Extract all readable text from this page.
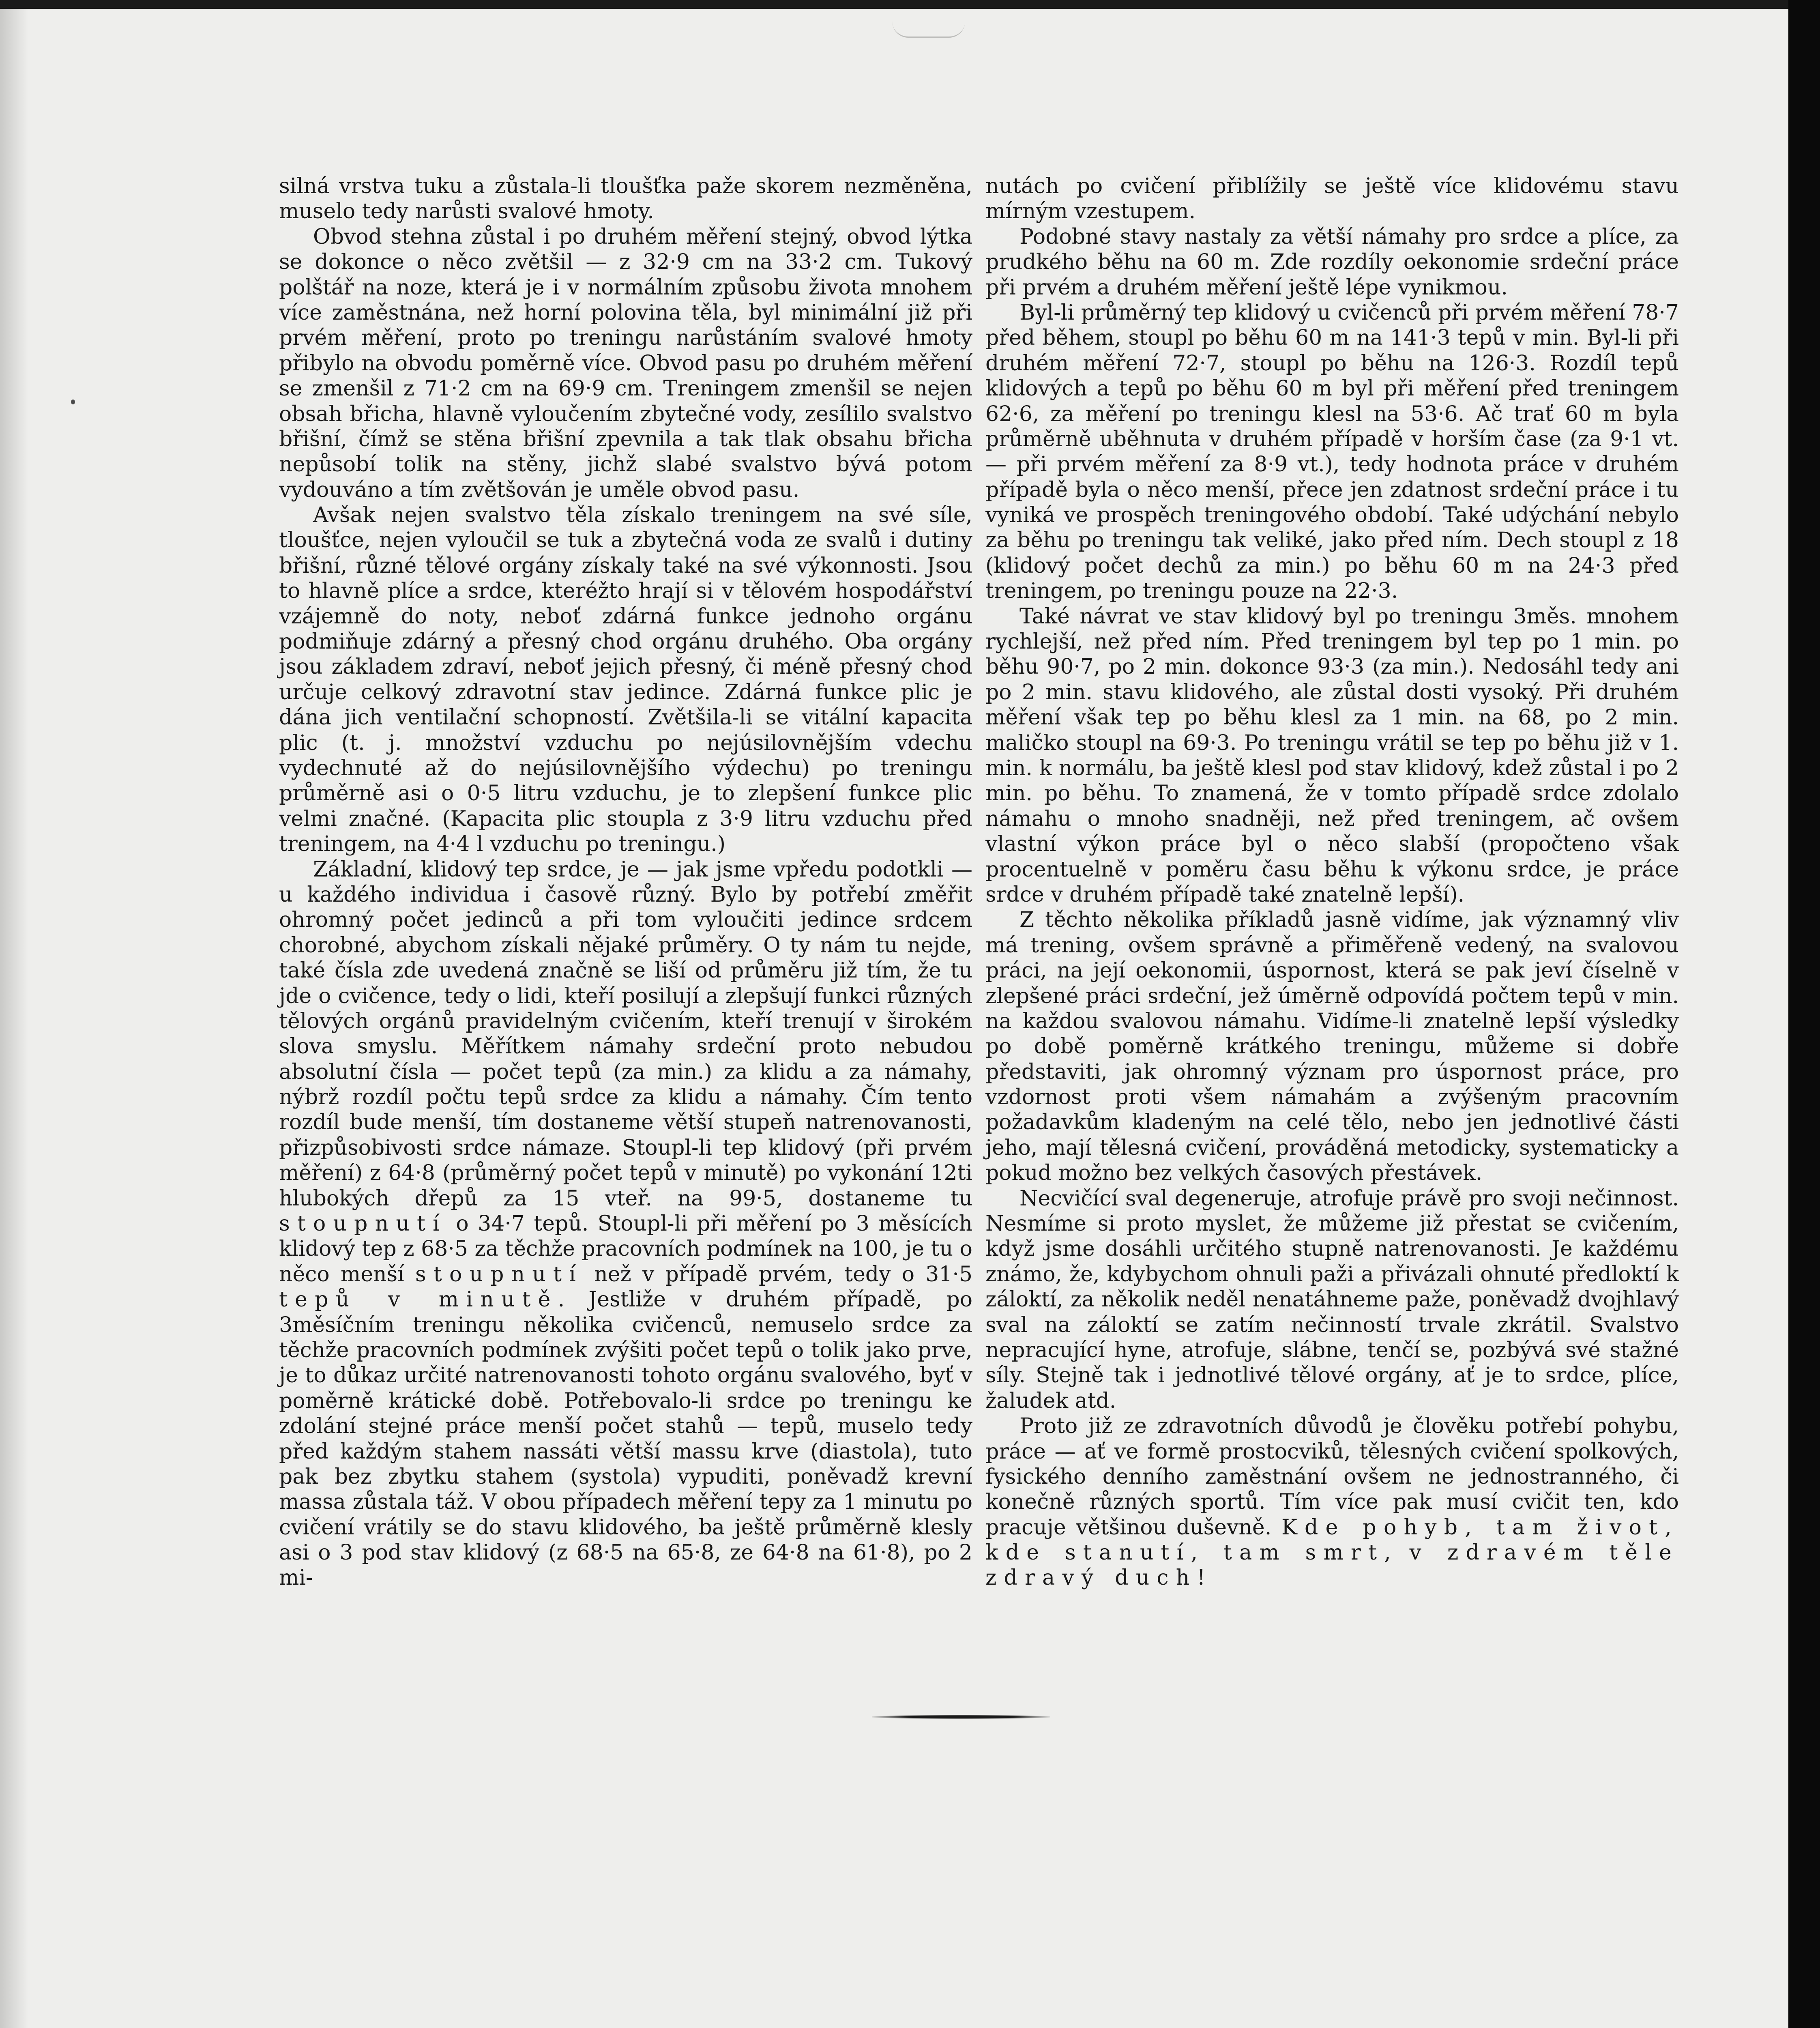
silná vrstva tuku a zůstala-li tloušťka paže skorem nezměněna, muselo tedy narůsti svalové hmoty.

Obvod stehna zůstal i po druhém měření stejný, obvod lýtka se dokonce o něco zvětšil — z 32·9 cm na 33·2 cm. Tukový polštář na noze, která je i v normálním způsobu života mnohem více zaměstnána, než horní polovina těla, byl minimální již při prvém měření, proto po treningu narůstáním svalové hmoty přibylo na obvodu poměrně více. Obvod pasu po druhém měření se zmenšil z 71·2 cm na 69·9 cm. Treningem zmenšil se nejen obsah břicha, hlavně vyloučením zbytečné vody, zesílilo svalstvo břišní, čímž se stěna břišní zpevnila a tak tlak obsahu břicha nepůsobí tolik na stěny, jichž slabé svalstvo bývá potom vydouváno a tím zvětšován je uměle obvod pasu.

Avšak nejen svalstvo těla získalo treningem na své síle, tloušťce, nejen vyloučil se tuk a zbytečná voda ze svalů i dutiny břišní, různé tělové orgány získaly také na své výkonnosti. Jsou to hlavně plíce a srdce, kteréžto hrají si v tělovém hospodářství vzájemně do noty, neboť zdárná funkce jednoho orgánu podmiňuje zdárný a přesný chod orgánu druhého. Oba orgány jsou základem zdraví, neboť jejich přesný, či méně přesný chod určuje celkový zdravotní stav jedince. Zdárná funkce plic je dána jich ventilační schopností. Zvětšila-li se vitální kapacita plic (t. j. množství vzduchu po nejúsilovnějším vdechu vydechnuté až do nejúsilovnějšího výdechu) po treningu průměrně asi o 0·5 litru vzduchu, je to zlepšení funkce plic velmi značné. (Kapacita plic stoupla z 3·9 litru vzduchu před treningem, na 4·4 l vzduchu po treningu.)

Základní, klidový tep srdce, je — jak jsme vpředu podotkli — u každého individua i časově různý. Bylo by potřebí změřit ohromný počet jedinců a při tom vyloučiti jedince srdcem chorobné, abychom získali nějaké průměry. O ty nám tu nejde, také čísla zde uvedená značně se liší od průměru již tím, že tu jde o cvičence, tedy o lidi, kteří posilují a zlepšují funkci různých tělových orgánů pravidelným cvičením, kteří trenují v širokém slova smyslu. Měřítkem námahy srdeční proto nebudou absolutní čísla — počet tepů (za min.) za klidu a za námahy, nýbrž rozdíl počtu tepů srdce za klidu a námahy. Čím tento rozdíl bude menší, tím dostaneme větší stupeň natrenovanosti, přizpůsobivosti srdce námaze. Stoupl-li tep klidový (při prvém měření) z 64·8 (průměrný počet tepů v minutě) po vykonání 12ti hlubokých dřepů za 15 vteř. na 99·5, dostaneme tu stoupnutí o 34·7 tepů. Stoupl-li při měření po 3 měsících klidový tep z 68·5 za těchže pracovních podmínek na 100, je tu o něco menší stoupnutí než v případě prvém, tedy o 31·5 tepů v minutě. Jestliže v druhém případě, po 3měsíčním treningu několika cvičenců, nemuselo srdce za těchže pracovních podmínek zvýšiti počet tepů o tolik jako prve, je to důkaz určité natrenovanosti tohoto orgánu svalového, byť v poměrně krátické době. Potřebovalo-li srdce po treningu ke zdolání stejné práce menší počet stahů — tepů, muselo tedy před každým stahem nassáti větší massu krve (diastola), tuto pak bez zbytku stahem (systola) vypuditi, poněvadž krevní massa zůstala táž. V obou případech měření tepy za 1 minutu po cvičení vrátily se do stavu klidového, ba ještě průměrně klesly asi o 3 pod stav klidový (z 68·5 na 65·8, ze 64·8 na 61·8), po 2 mi-

nutách po cvičení přiblížily se ještě více klidovému stavu mírným vzestupem.

Podobné stavy nastaly za větší námahy pro srdce a plíce, za prudkého běhu na 60 m. Zde rozdíly oekonomie srdeční práce při prvém a druhém měření ještě lépe vynikmou.

Byl-li průměrný tep klidový u cvičenců při prvém měření 78·7 před během, stoupl po běhu 60 m na 141·3 tepů v min. Byl-li při druhém měření 72·7, stoupl po běhu na 126·3. Rozdíl tepů klidových a tepů po běhu 60 m byl při měření před treningem 62·6, za měření po treningu klesl na 53·6. Ač trať 60 m byla průměrně uběhnuta v druhém případě v horším čase (za 9·1 vt. — při prvém měření za 8·9 vt.), tedy hodnota práce v druhém případě byla o něco menší, přece jen zdatnost srdeční práce i tu vyniká ve prospěch treningového období. Také udýchání nebylo za běhu po treningu tak veliké, jako před ním. Dech stoupl z 18 (klidový počet dechů za min.) po běhu 60 m na 24·3 před treningem, po treningu pouze na 22·3.

Také návrat ve stav klidový byl po treningu 3měs. mnohem rychlejší, než před ním. Před treningem byl tep po 1 min. po běhu 90·7, po 2 min. dokonce 93·3 (za min.). Nedosáhl tedy ani po 2 min. stavu klidového, ale zůstal dosti vysoký. Při druhém měření však tep po běhu klesl za 1 min. na 68, po 2 min. maličko stoupl na 69·3. Po treningu vrátil se tep po běhu již v 1. min. k normálu, ba ještě klesl pod stav klidový, kdež zůstal i po 2 min. po běhu. To znamená, že v tomto případě srdce zdolalo námahu o mnoho snadněji, než před treningem, ač ovšem vlastní výkon práce byl o něco slabší (propočteno však procentuelně v poměru času běhu k výkonu srdce, je práce srdce v druhém případě také znatelně lepší).

Z těchto několika příkladů jasně vidíme, jak významný vliv má trening, ovšem správně a přiměřeně vedený, na svalovou práci, na její oekonomii, úspornost, která se pak jeví číselně v zlepšené práci srdeční, jež úměrně odpovídá počtem tepů v min. na každou svalovou námahu. Vidíme-li znatelně lepší výsledky po době poměrně krátkého treningu, můžeme si dobře představiti, jak ohromný význam pro úspornost práce, pro vzdornost proti všem námahám a zvýšeným pracovním požadavkům kladeným na celé tělo, nebo jen jednotlivé části jeho, mají tělesná cvičení, prováděná metodicky, systematicky a pokud možno bez velkých časových přestávek.

Necvičící sval degeneruje, atrofuje právě pro svoji nečinnost. Nesmíme si proto myslet, že můžeme již přestat se cvičením, když jsme dosáhli určitého stupně natrenovanosti. Je každému známo, že, kdybychom ohnuli paži a přivázali ohnuté předloktí k záloktí, za několik neděl nenatáhneme paže, poněvadž dvojhlavý sval na záloktí se zatím nečinností trvale zkrátil. Svalstvo nepracující hyne, atrofuje, slábne, tenčí se, pozbývá své stažné síly. Stejně tak i jednotlivé tělové orgány, ať je to srdce, plíce, žaludek atd.

Proto již ze zdravotních důvodů je člověku potřebí pohybu, práce — ať ve formě prostocviků, tělesných cvičení spolkových, fysického denního zaměstnání ovšem ne jednostranného, či konečně různých sportů. Tím více pak musí cvičit ten, kdo pracuje většinou duševně. Kde pohyb, tam život, kde stanutí, tam smrt, v zdravém těle zdravý duch!
